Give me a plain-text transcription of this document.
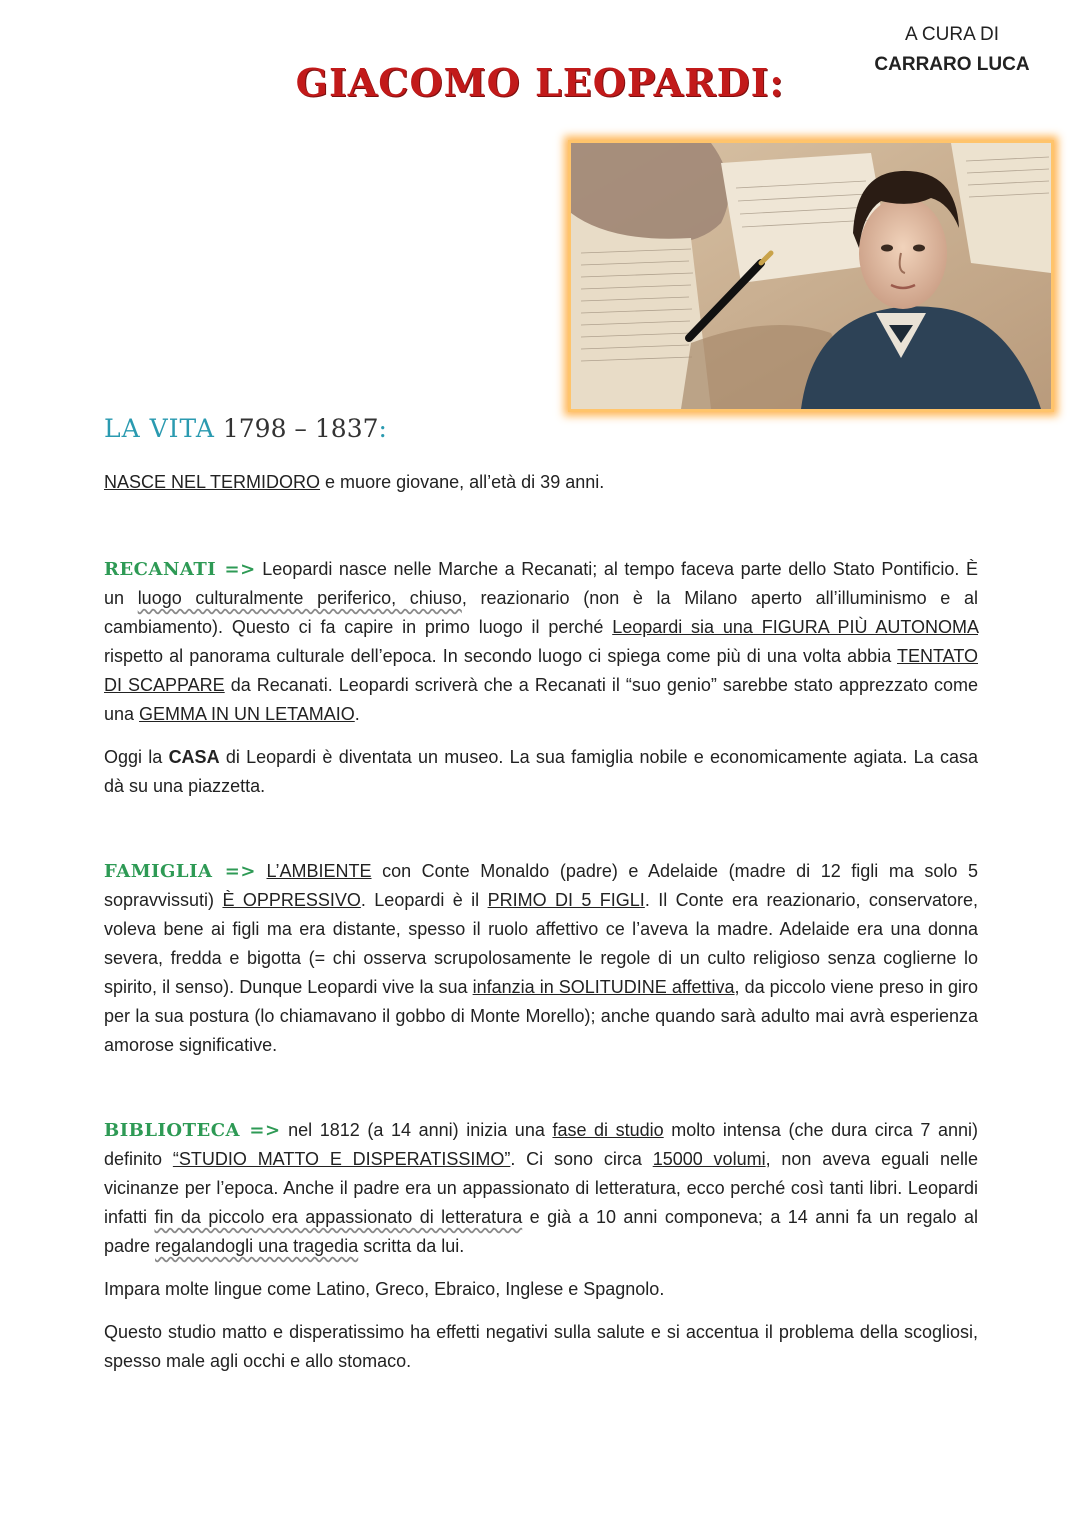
A CURA DI
CARRARO LUCA
GIACOMO LEOPARDI:
LA VITA 1798 – 1837:

NASCE NEL TERMIDORO e muore giovane, all’età di 39 anni.

RECANATI => Leopardi nasce nelle Marche a Recanati; al tempo faceva parte dello Stato Pontificio. È un luogo culturalmente periferico, chiuso, reazionario (non è la Milano aperto all’illuminismo e al cambiamento). Questo ci fa capire in primo luogo il perché Leopardi sia una FIGURA PIÙ AUTONOMA rispetto al panorama culturale dell’epoca. In secondo luogo ci spiega come più di una volta abbia TENTATO DI SCAPPARE da Recanati. Leopardi scriverà che a Recanati il “suo genio” sarebbe stato apprezzato come una GEMMA IN UN LETAMAIO.

Oggi la CASA di Leopardi è diventata un museo. La sua famiglia nobile e economicamente agiata. La casa dà su una piazzetta.

FAMIGLIA => L’AMBIENTE con Conte Monaldo (padre) e Adelaide (madre di 12 figli ma solo 5 sopravvissuti) È OPPRESSIVO. Leopardi è il PRIMO DI 5 FIGLI. Il Conte era reazionario, conservatore, voleva bene ai figli ma era distante, spesso il ruolo affettivo ce l’aveva la madre. Adelaide era una donna severa, fredda e bigotta (= chi osserva scrupolosamente le regole di un culto religioso senza coglierne lo spirito, il senso). Dunque Leopardi vive la sua infanzia in SOLITUDINE affettiva, da piccolo viene preso in giro per la sua postura (lo chiamavano il gobbo di Monte Morello); anche quando sarà adulto mai avrà esperienza amorose significative.

BIBLIOTECA => nel 1812 (a 14 anni) inizia una fase di studio molto intensa (che dura circa 7 anni) definito “STUDIO MATTO E DISPERATISSIMO”. Ci sono circa 15000 volumi, non aveva eguali nelle vicinanze per l’epoca. Anche il padre era un appassionato di letteratura, ecco perché così tanti libri. Leopardi infatti fin da piccolo era appassionato di letteratura e già a 10 anni componeva; a 14 anni fa un regalo al padre regalandogli una tragedia scritta da lui.

Impara molte lingue come Latino, Greco, Ebraico, Inglese e Spagnolo.

Questo studio matto e disperatissimo ha effetti negativi sulla salute e si accentua il problema della scogliosi, spesso male agli occhi e allo stomaco.
